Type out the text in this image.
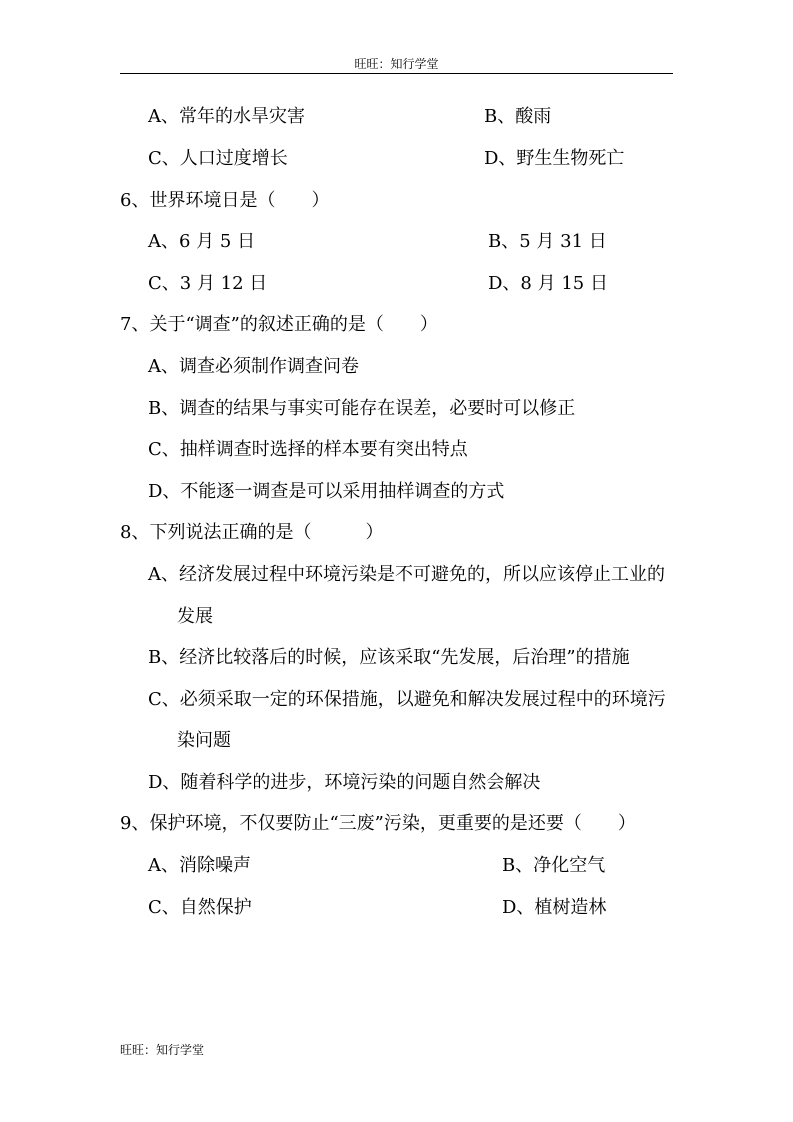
旺旺：知行学堂
A、常年的水旱灾害	B、酸雨
C、人口过度增长	D、野生生物死亡
6、世界环境日是（　　）
A、6 月 5 日	B、5 月 31 日
C、3 月 12 日	D、8 月 15 日
7、关于“调查”的叙述正确的是（　　）
A、调查必须制作调查问卷
B、调查的结果与事实可能存在误差，必要时可以修正
C、抽样调查时选择的样本要有突出特点
D、不能逐一调查是可以采用抽样调查的方式
8、下列说法正确的是（　　　）
A、经济发展过程中环境污染是不可避免的，所以应该停止工业的
发展
B、经济比较落后的时候，应该采取“先发展，后治理”的措施
C、必须采取一定的环保措施，以避免和解决发展过程中的环境污
染问题
D、随着科学的进步，环境污染的问题自然会解决
9、保护环境，不仅要防止“三废”污染，更重要的是还要（　　）
A、消除噪声	B、净化空气
C、自然保护	D、植树造林
旺旺：知行学堂
